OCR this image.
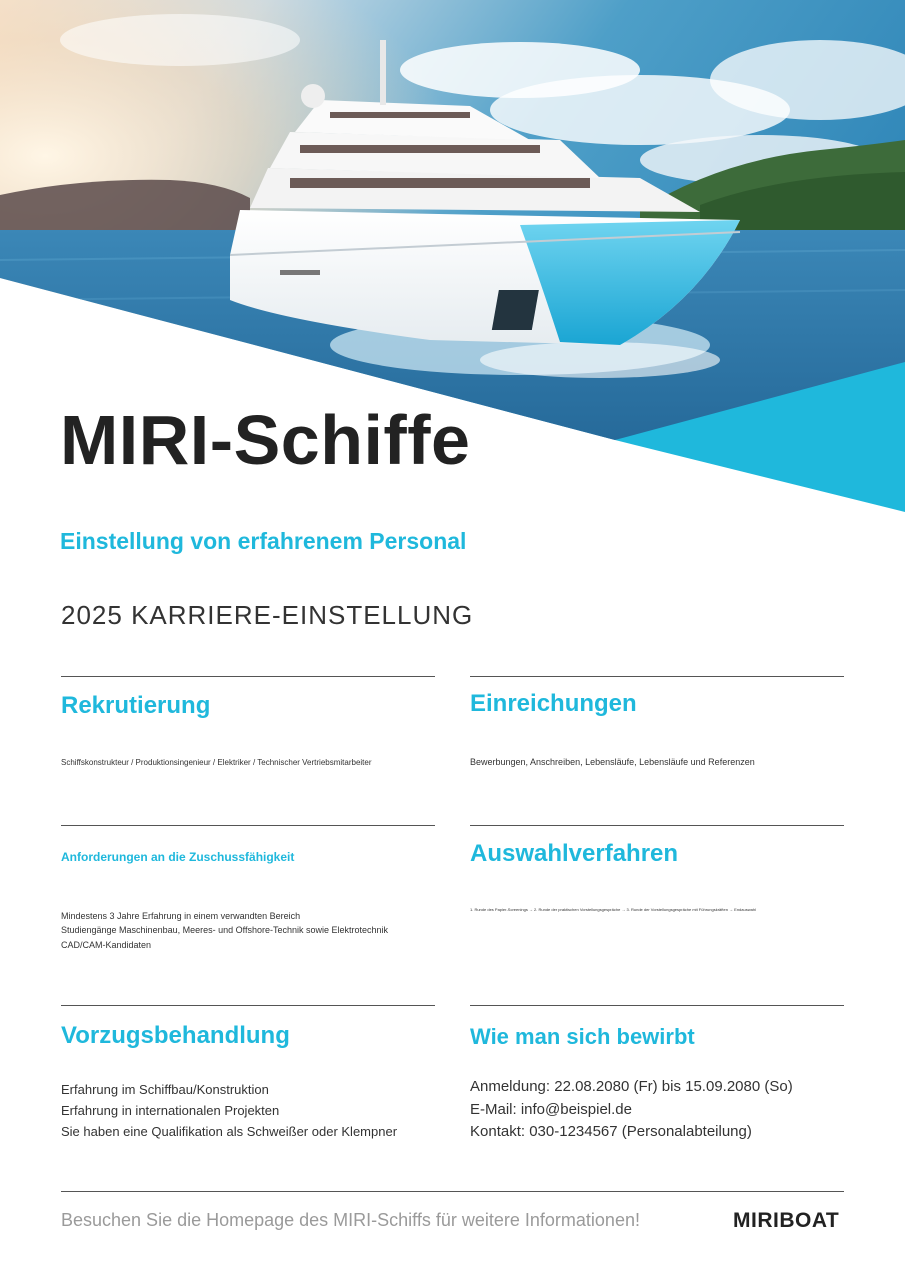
MIRI-Schiffe

Einstellung von erfahrenem Personal

2025 KARRIERE-EINSTELLUNG

Rekrutierung

Schiffskonstrukteur / Produktionsingenieur / Elektriker / Technischer Vertriebsmitarbeiter

Einreichungen

Bewerbungen, Anschreiben, Lebensläufe, Lebensläufe und Referenzen

Anforderungen an die Zuschussfähigkeit

Mindestens 3 Jahre Erfahrung in einem verwandten Bereich
Studiengänge Maschinenbau, Meeres- und Offshore-Technik sowie Elektrotechnik
CAD/CAM-Kandidaten

Auswahlverfahren

1. Runde des Papier-Screenings → 2. Runde der praktischen Vorstellungsgespräche → 3. Runde der Vorstellungsgespräche mit Führungskräften → Endauswahl

Vorzugsbehandlung

Erfahrung im Schiffbau/Konstruktion
Erfahrung in internationalen Projekten
Sie haben eine Qualifikation als Schweißer oder Klempner

Wie man sich bewirbt

Anmeldung: 22.08.2080 (Fr) bis 15.09.2080 (So)
E-Mail: info@beispiel.de
Kontakt: 030-1234567 (Personalabteilung)

Besuchen Sie die Homepage des MIRI-Schiffs für weitere Informationen!	MIRIBOAT
